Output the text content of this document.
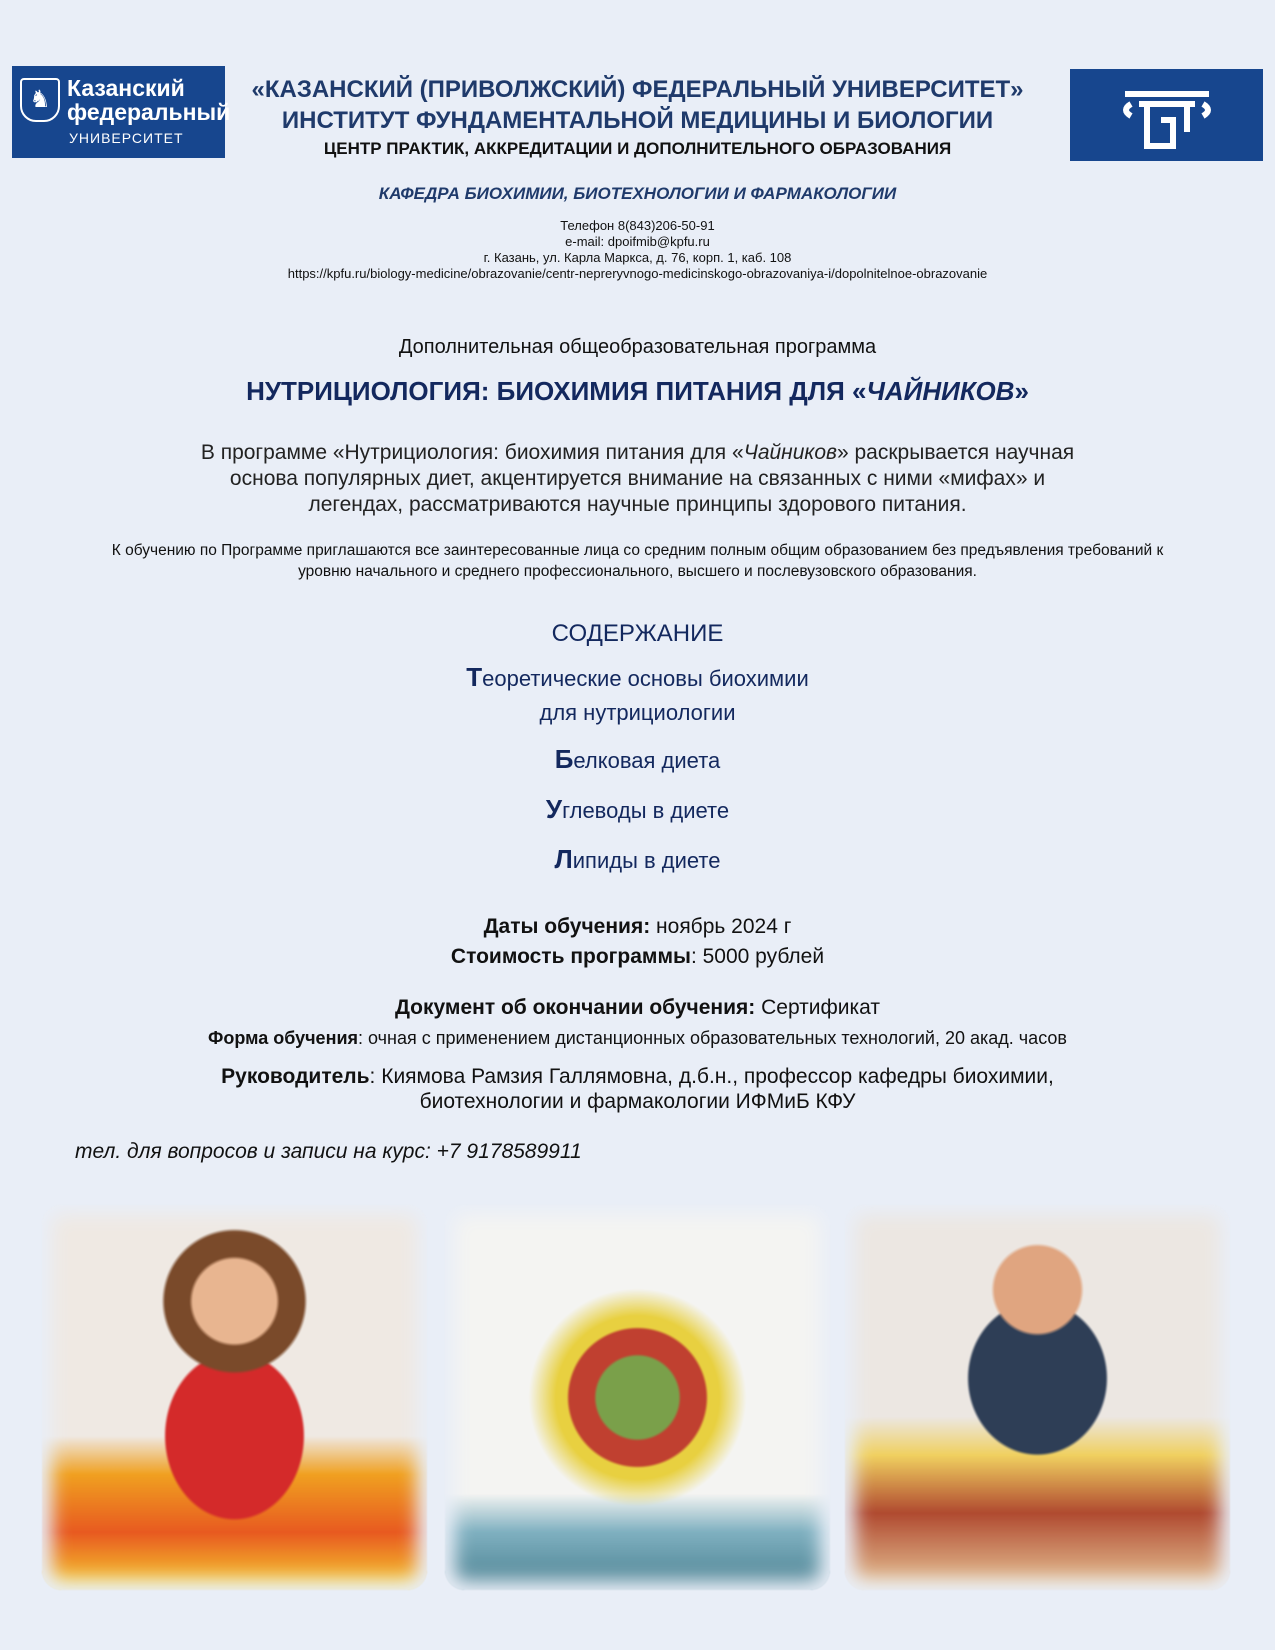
♞ Казанский
федеральный
УНИВЕРСИТЕТ
«КАЗАНСКИЙ (ПРИВОЛЖСКИЙ) ФЕДЕРАЛЬНЫЙ УНИВЕРСИТЕТ»
ИНСТИТУТ ФУНДАМЕНТАЛЬНОЙ МЕДИЦИНЫ И БИОЛОГИИ
ЦЕНТР ПРАКТИК, АККРЕДИТАЦИИ И ДОПОЛНИТЕЛЬНОГО ОБРАЗОВАНИЯ
КАФЕДРА БИОХИМИИ, БИОТЕХНОЛОГИИ И ФАРМАКОЛОГИИ
Телефон 8(843)206-50-91
e-mail: dpoifmib@kpfu.ru
г. Казань, ул. Карла Маркса, д. 76, корп. 1, каб. 108
https://kpfu.ru/biology-medicine/obrazovanie/centr-nepreryvnogo-medicinskogo-obrazovaniya-i/dopolnitelnoe-obrazovanie
Дополнительная общеобразовательная программа
НУТРИЦИОЛОГИЯ: БИОХИМИЯ ПИТАНИЯ ДЛЯ «ЧАЙНИКОВ»
В программе «Нутрициология: биохимия питания для «Чайников» раскрывается научная основа популярных диет, акцентируется внимание на связанных с ними «мифах» и легендах, рассматриваются научные принципы здорового питания.
К обучению по Программе приглашаются все заинтересованные лица со средним полным общим образованием без предъявления требований к уровню начального и среднего профессионального, высшего и послевузовского образования.
СОДЕРЖАНИЕ
Теоретические основы биохимии
для нутрициологии
Белковая диета
Углеводы в диете
Липиды в диете
Даты обучения: ноябрь 2024 г
Стоимость программы: 5000 рублей
Документ об окончании обучения: Сертификат
Форма обучения: очная с применением дистанционных образовательных технологий, 20 акад. часов
Руководитель: Киямова Рамзия Галлямовна, д.б.н., профессор кафедры биохимии,
биотехнологии и фармакологии ИФМиБ КФУ
тел. для вопросов и записи на курс: +7 9178589911
